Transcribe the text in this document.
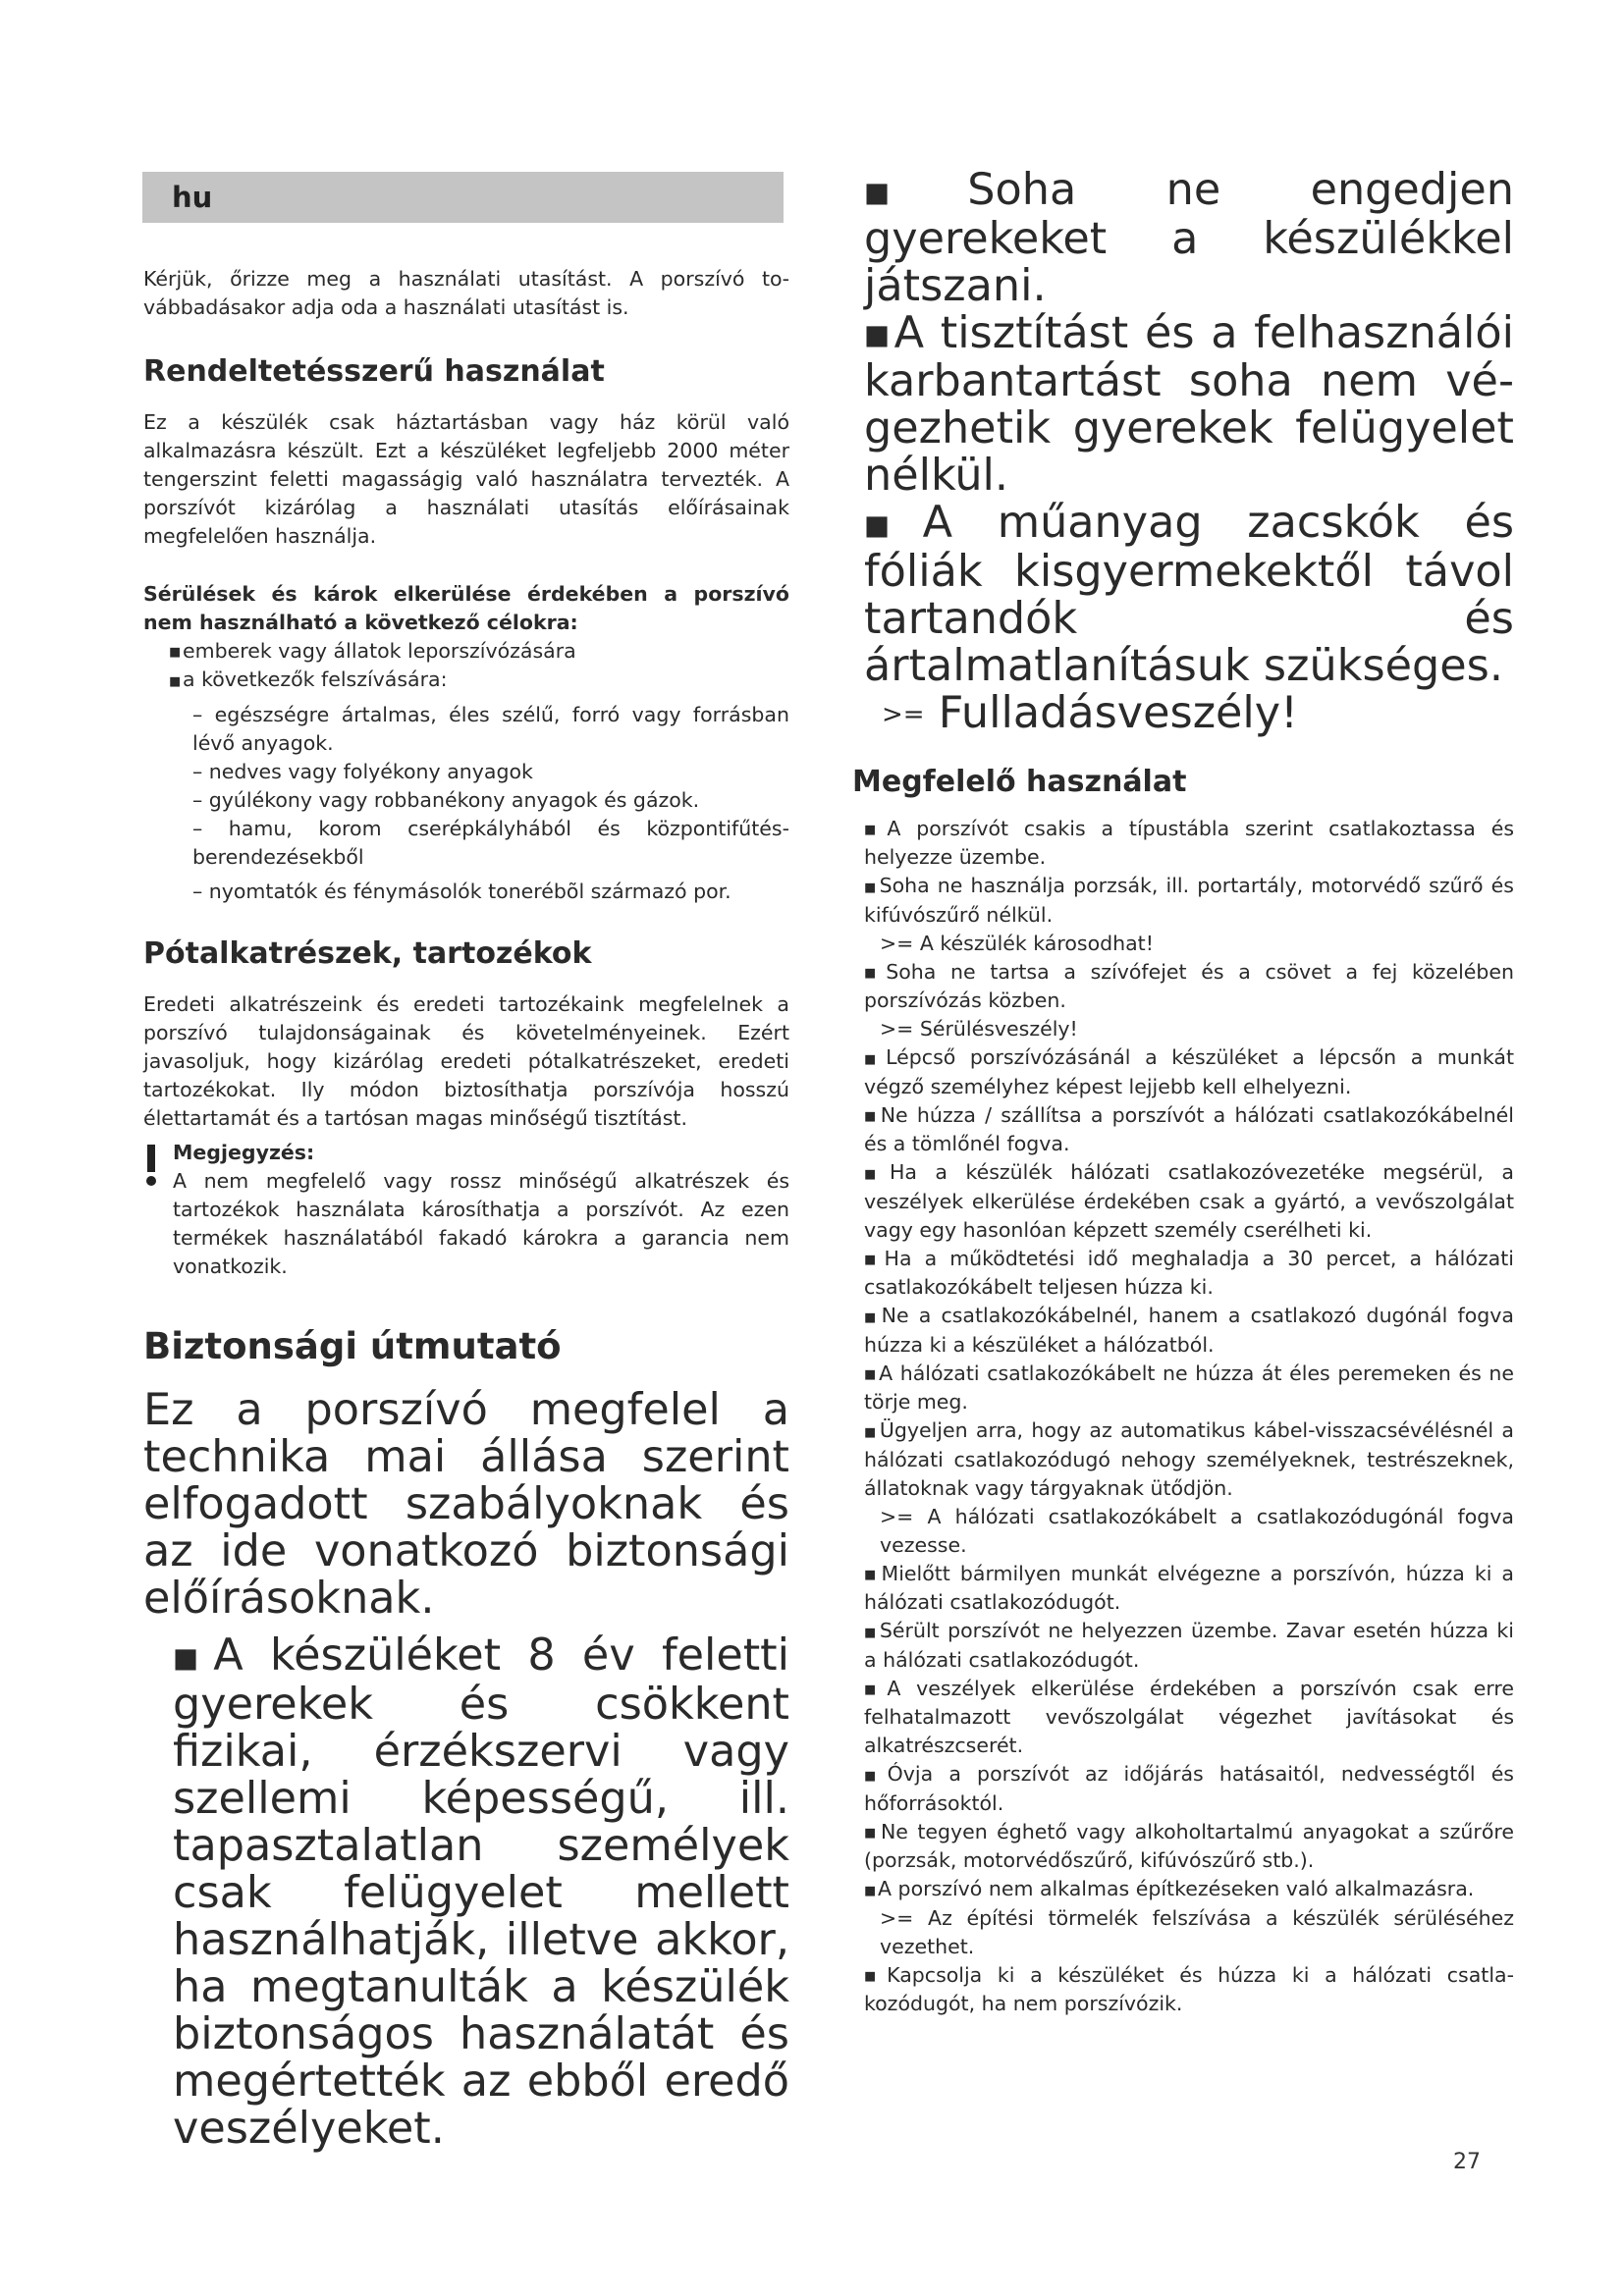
hu

Kérjük, őrizze meg a használati utasítást. A porszívó továbbadásakor adja oda a használati utasítást is.

Rendeltetésszerű használat

Ez a készülék csak háztartásban vagy ház körül való alkalmazásra készült. Ezt a készüléket legfeljebb 2000 méter tengerszint feletti magasságig való használatra tervezték. A porszívót kizárólag a használati utasítás előírásainak megfelelően használja.

Sérülések és károk elkerülése érdekében a porszívó nem használható a következő célokra:

■ emberek vagy állatok leporszívózására

■ a következők felszívására:

– egészségre ártalmas, éles szélű, forró vagy forrásban lévő anyagok.

– nedves vagy folyékony anyagok

– gyúlékony vagy robbanékony anyagok és gázok.

– hamu, korom cserépkályhából és központifűtésberendezésekből

– nyomtatók és fénymásolók tonerébõl származó por.

Pótalkatrészek, tartozékok

Eredeti alkatrészeink és eredeti tartozékaink megfelelnek a porszívó tulajdonságainak és követelményeinek. Ezért javasoljuk, hogy kizárólag eredeti pótalkatrészeket, eredeti tartozékokat. Ily módon biztosíthatja porszívója hosszú élettartamát és a tartósan magas minőségű tisztítást.

Megjegyzés:

A nem megfelelő vagy rossz minőségű alkatrészek és tartozékok használata károsíthatja a porszívót. Az ezen termékek használatából fakadó károkra a garancia nem vonatkozik.

Biztonsági útmutató

Ez a porszívó megfelel a technika mai állása szerint elfogadott szabályoknak és az ide vonatkozó biztonsági előírásoknak.

■ A készüléket 8 év feletti gyerekek és csökkent fizikai, érzékszervi vagy szellemi képességű, ill. tapasztalatlan személyek csak felügyelet mellett használhatják, illetve akkor, ha megtanulták a készülék biztonságos használatát és megértették az ebből eredő veszélyeket.

■ Soha ne engedjen gyerekeket a készülékkel játszani.

■ A tisztítást és a felhasználói karbantartást soha nem végezhetik gyerekek felügyelet nélkül.

■ A műanyag zacskók és fóliák kisgyermekektől távol tartandók és ártalmatlanításuk szükséges.

>= Fulladásveszély!

Megfelelő használat

■ A porszívót csakis a típustábla szerint csatlakoztassa és helyezze üzembe.

■ Soha ne használja porzsák, ill. portartály, motorvédő szűrő és kifúvószűrő nélkül.

>= A készülék károsodhat!

■ Soha ne tartsa a szívófejet és a csövet a fej közelében porszívózás közben.

>= Sérülésveszély!

■ Lépcső porszívózásánál a készüléket a lépcsőn a munkát végző személyhez képest lejjebb kell elhelyezni.

■ Ne húzza / szállítsa a porszívót a hálózati csatlakozókábelnél és a tömlőnél fogva.

■ Ha a készülék hálózati csatlakozóvezetéke megsérül, a veszélyek elkerülése érdekében csak a gyártó, a vevőszolgálat vagy egy hasonlóan képzett személy cserélheti ki.

■ Ha a működtetési idő meghaladja a 30 percet, a hálózati csatlakozókábelt teljesen húzza ki.

■ Ne a csatlakozókábelnél, hanem a csatlakozó dugónál fogva húzza ki a készüléket a hálózatból.

■ A hálózati csatlakozókábelt ne húzza át éles peremeken és ne törje meg.

■ Ügyeljen arra, hogy az automatikus kábel-visszacsévélésnél a hálózati csatlakozódugó nehogy személyeknek, testrészeknek, állatoknak vagy tárgyaknak ütődjön.

>= A hálózati csatlakozókábelt a csatlakozódugónál fogva vezesse.

■ Mielőtt bármilyen munkát elvégezne a porszívón, húzza ki a hálózati csatlakozódugót.

■ Sérült porszívót ne helyezzen üzembe. Zavar esetén húzza ki a hálózati csatlakozódugót.

■ A veszélyek elkerülése érdekében a porszívón csak erre felhatalmazott vevőszolgálat végezhet javításokat és alkatrészcserét.

■ Óvja a porszívót az időjárás hatásaitól, nedvességtől és hőforrásoktól.

■ Ne tegyen éghető vagy alkoholtartalmú anyagokat a szűrőre (porzsák, motorvédőszűrő, kifúvószűrő stb.).

■ A porszívó nem alkalmas építkezéseken való alkalmazásra.

>= Az építési törmelék felszívása a készülék sérüléséhez vezethet.

■ Kapcsolja ki a készüléket és húzza ki a hálózati csatlakozódugót, ha nem porszívózik.

27
